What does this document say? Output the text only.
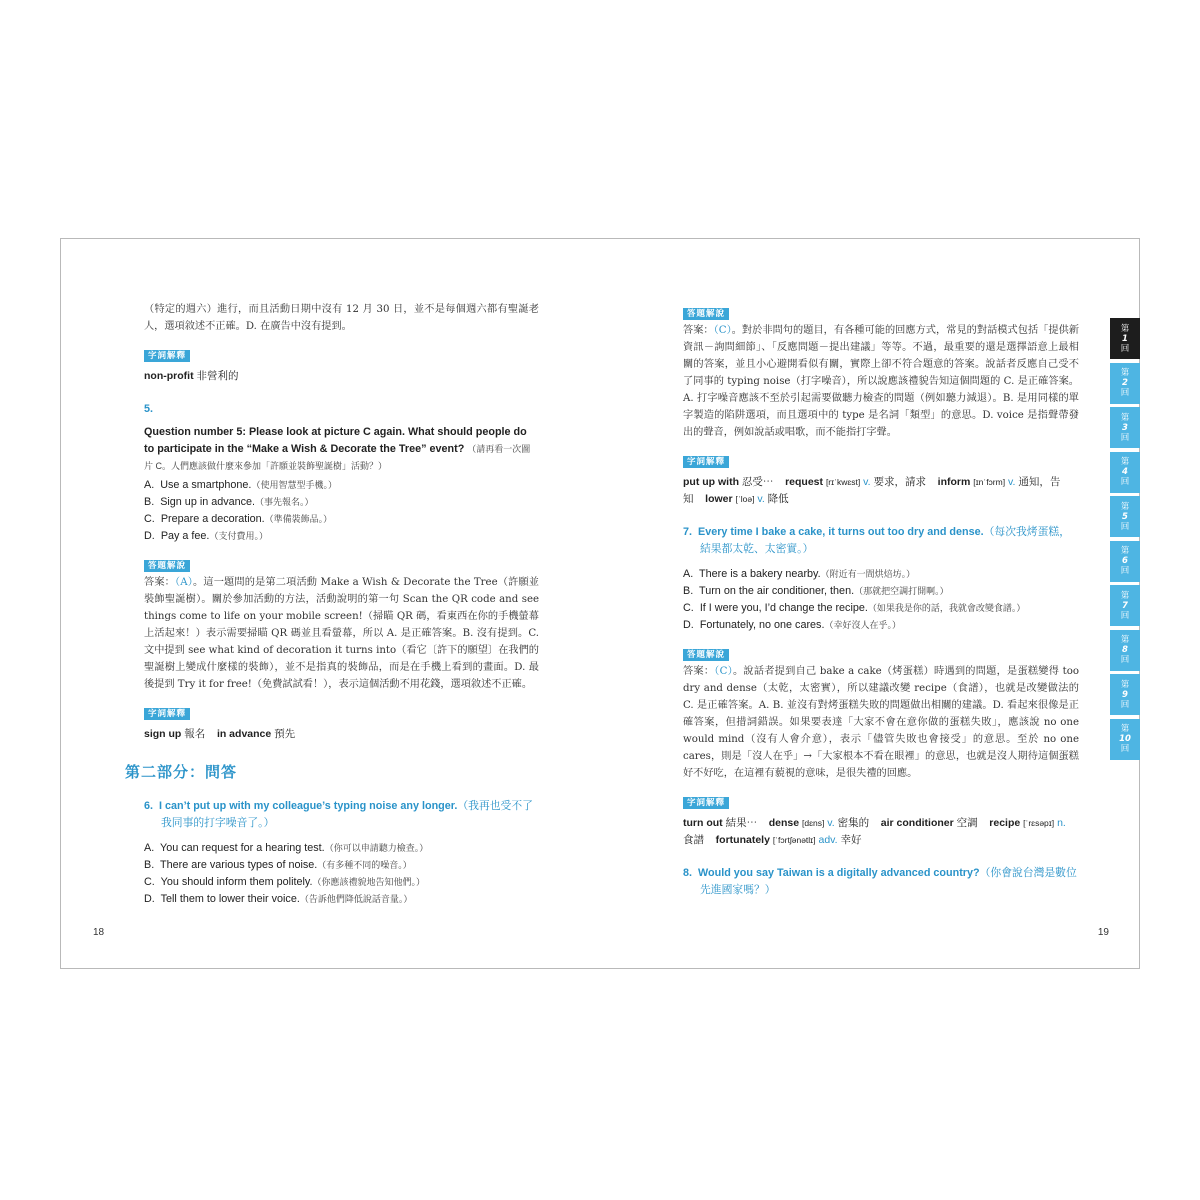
（特定的週六）進行，而且活動日期中沒有 12 月 30 日，並不是每個週六都有聖誕老人，選項敘述不正確。D. 在廣告中沒有提到。

字詞解釋

non-profit 非營利的

5.

Question number 5: Please look at picture C again. What should people do to participate in the “Make a Wish & Decorate the Tree” event? （請再看一次圖片 C。人們應該做什麼來參加「許願並裝飾聖誕樹」活動？）

A. Use a smartphone.（使用智慧型手機。）

B. Sign up in advance.（事先報名。）

C. Prepare a decoration.（準備裝飾品。）

D. Pay a fee.（支付費用。）

答題解說

答案：（A）。這一題問的是第二項活動 Make a Wish & Decorate the Tree（許願並裝飾聖誕樹）。關於參加活動的方法，活動說明的第一句 Scan the QR code and see things come to life on your mobile screen!（掃瞄 QR 碼，看東西在你的手機螢幕上活起來！）表示需要掃瞄 QR 碼並且看螢幕，所以 A. 是正確答案。B. 沒有提到。C. 文中提到 see what kind of decoration it turns into（看它〔許下的願望〕在我們的聖誕樹上變成什麼樣的裝飾），並不是指真的裝飾品，而是在手機上看到的畫面。D. 最後提到 Try it for free!（免費試試看！），表示這個活動不用花錢，選項敘述不正確。

字詞解釋

sign up 報名 in advance 預先

第二部分：問答

6. I can’t put up with my colleague’s typing noise any longer.（我再也受不了我同事的打字噪音了。）

A. You can request for a hearing test.（你可以申請聽力檢查。）

B. There are various types of noise.（有多種不同的噪音。）

C. You should inform them politely.（你應該禮貌地告知他們。）

D. Tell them to lower their voice.（告訴他們降低說話音量。）

18
答題解說

答案：（C）。對於非問句的題目，有各種可能的回應方式，常見的對話模式包括「提供新資訊－詢問細節」、「反應問題－提出建議」等等。不過，最重要的還是選擇語意上最相關的答案，並且小心避開看似有關，實際上卻不符合題意的答案。說話者反應自己受不了同事的 typing noise（打字噪音），所以說應該禮貌告知這個問題的 C. 是正確答案。A. 打字噪音應該不至於引起需要做聽力檢查的問題（例如聽力減退）。B. 是用同樣的單字製造的陷阱選項，而且選項中的 type 是名詞「類型」的意思。D. voice 是指聲帶發出的聲音，例如說話或唱歌，而不能指打字聲。

字詞解釋

put up with 忍受⋯ request [rɪˈkwɛst] v. 要求，請求 inform [ɪnˈfɔrm] v. 通知，告知 lower [ˈloə] v. 降低

7. Every time I bake a cake, it turns out too dry and dense.（每次我烤蛋糕，結果都太乾、太密實。）

A. There is a bakery nearby.（附近有一間烘焙坊。）

B. Turn on the air conditioner, then.（那就把空調打開啊。）

C. If I were you, I’d change the recipe.（如果我是你的話，我就會改變食譜。）

D. Fortunately, no one cares.（幸好沒人在乎。）

答題解說

答案：（C）。說話者提到自己 bake a cake（烤蛋糕）時遇到的問題，是蛋糕變得 too dry and dense（太乾，太密實），所以建議改變 recipe（食譜），也就是改變做法的 C. 是正確答案。A. B. 並沒有對烤蛋糕失敗的問題做出相關的建議。D. 看起來很像是正確答案，但措詞錯誤。如果要表達「大家不會在意你做的蛋糕失敗」，應該說 no one would mind（沒有人會介意），表示「儘管失敗也會接受」的意思。至於 no one cares，則是「沒人在乎」→「大家根本不看在眼裡」的意思，也就是沒人期待這個蛋糕好不好吃，在這裡有藐視的意味，是很失禮的回應。

字詞解釋

turn out 結果⋯ dense [dɛns] v. 密集的 air conditioner 空調 recipe [ˈrɛsəpɪ] n. 食譜 fortunately [ˈfɔrtʃənətlɪ] adv. 幸好

8. Would you say Taiwan is a digitally advanced country?（你會說台灣是數位先進國家嗎？）

19
第
1
回
第
2
回
第
3
回
第
4
回
第
5
回
第
6
回
第
7
回
第
8
回
第
9
回
第
10
回
